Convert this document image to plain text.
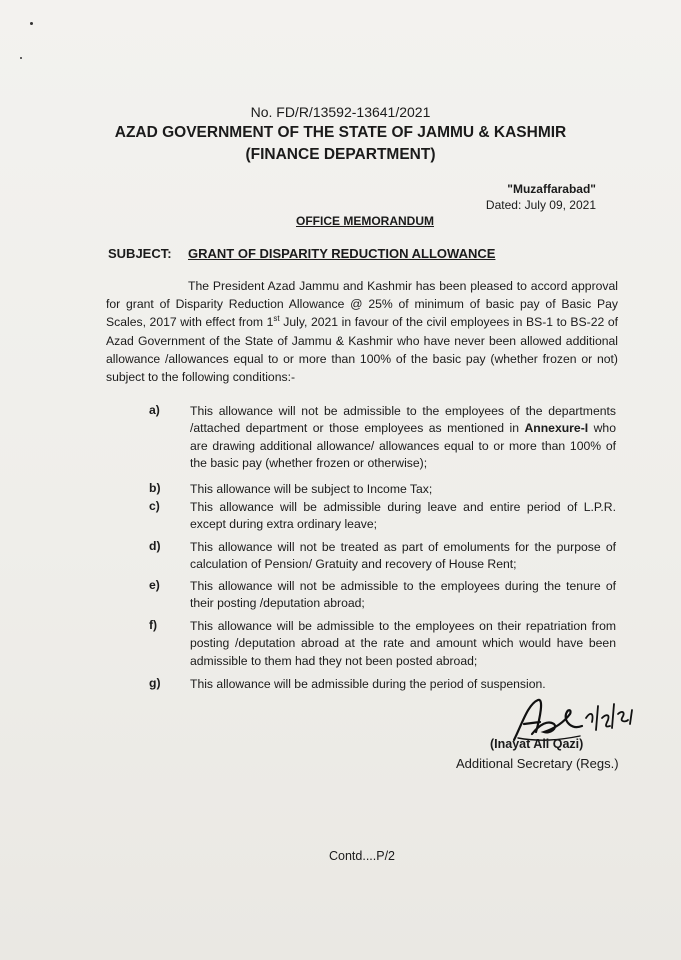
No. FD/R/13592-13641/2021
AZAD GOVERNMENT OF THE STATE OF JAMMU & KASHMIR
(FINANCE DEPARTMENT)
"Muzaffarabad"
Dated: July 09, 2021
OFFICE MEMORANDUM
SUBJECT: GRANT OF DISPARITY REDUCTION ALLOWANCE
The President Azad Jammu and Kashmir has been pleased to accord approval for grant of Disparity Reduction Allowance @ 25% of minimum of basic pay of Basic Pay Scales, 2017 with effect from 1st July, 2021 in favour of the civil employees in BS-1 to BS-22 of Azad Government of the State of Jammu & Kashmir who have never been allowed additional allowance /allowances equal to or more than 100% of the basic pay (whether frozen or not) subject to the following conditions:-
a) This allowance will not be admissible to the employees of the departments /attached department or those employees as mentioned in Annexure-I who are drawing additional allowance/ allowances equal to or more than 100% of the basic pay (whether frozen or otherwise);
b) This allowance will be subject to Income Tax;
c) This allowance will be admissible during leave and entire period of L.P.R. except during extra ordinary leave;
d) This allowance will not be treated as part of emoluments for the purpose of calculation of Pension/ Gratuity and recovery of House Rent;
e) This allowance will not be admissible to the employees during the tenure of their posting /deputation abroad;
f)	This allowance will be admissible to the employees on their repatriation from posting /deputation abroad at the rate and amount which would have been admissible to them had they not been posted abroad;
g) This allowance will be admissible during the period of suspension.
(Inayat Ali Qazi)
Additional Secretary (Regs.)
Contd....P/2
